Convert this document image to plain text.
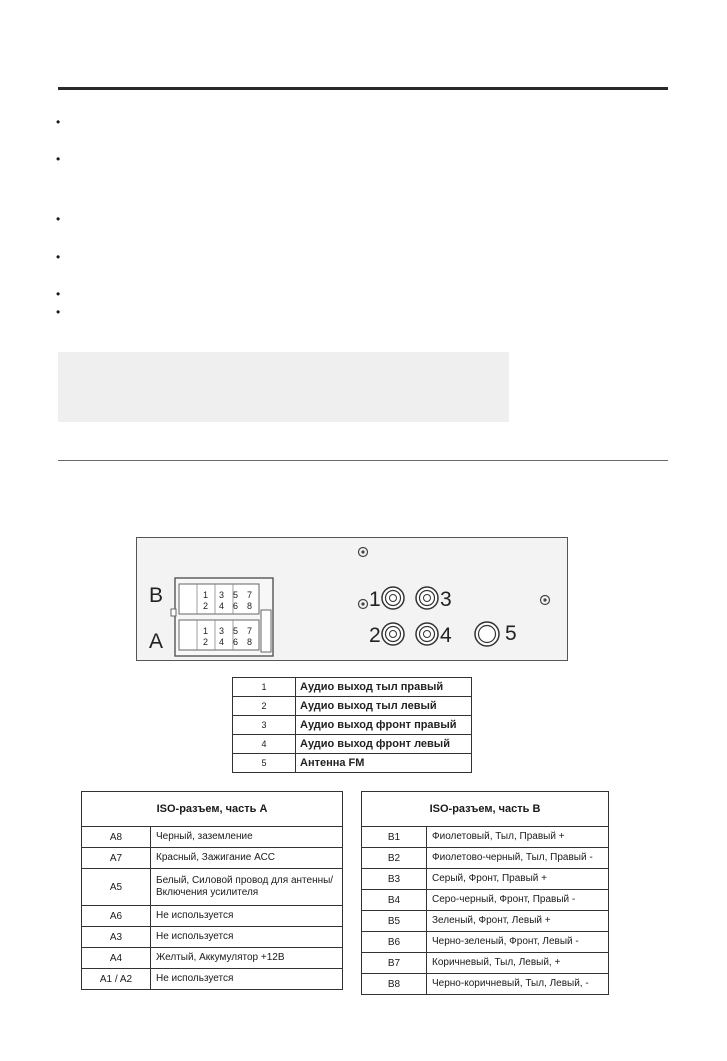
•
•
•
•
•
•
B
A
1 3 5 7
2 4 6 8
1 3 5 7
2 4 6 8
1	3
2	4	5
1	Аудио выход тыл правый
2	Аудио выход тыл левый
3	Аудио выход фронт правый
4	Аудио выход фронт левый
5	Антенна FM
ISO-разъем, часть A	
A8	Черный, заземление
A7	Красный, Зажигание АСС
A5	Белый, Силовой провод для антенны/Включения усилителя
A6	Не используется
A3	Не используется
A4	Желтый, Аккумулятор +12В
A1 / A2	Не используется
ISO-разъем, часть B	
B1	Фиолетовый, Тыл, Правый +
B2	Фиолетово-черный, Тыл, Правый -
B3	Серый, Фронт, Правый +
B4	Серо-черный, Фронт, Правый -
B5	Зеленый, Фронт, Левый +
B6	Черно-зеленый, Фронт, Левый -
B7	Коричневый, Тыл, Левый, +
B8	Черно-коричневый, Тыл, Левый, -
